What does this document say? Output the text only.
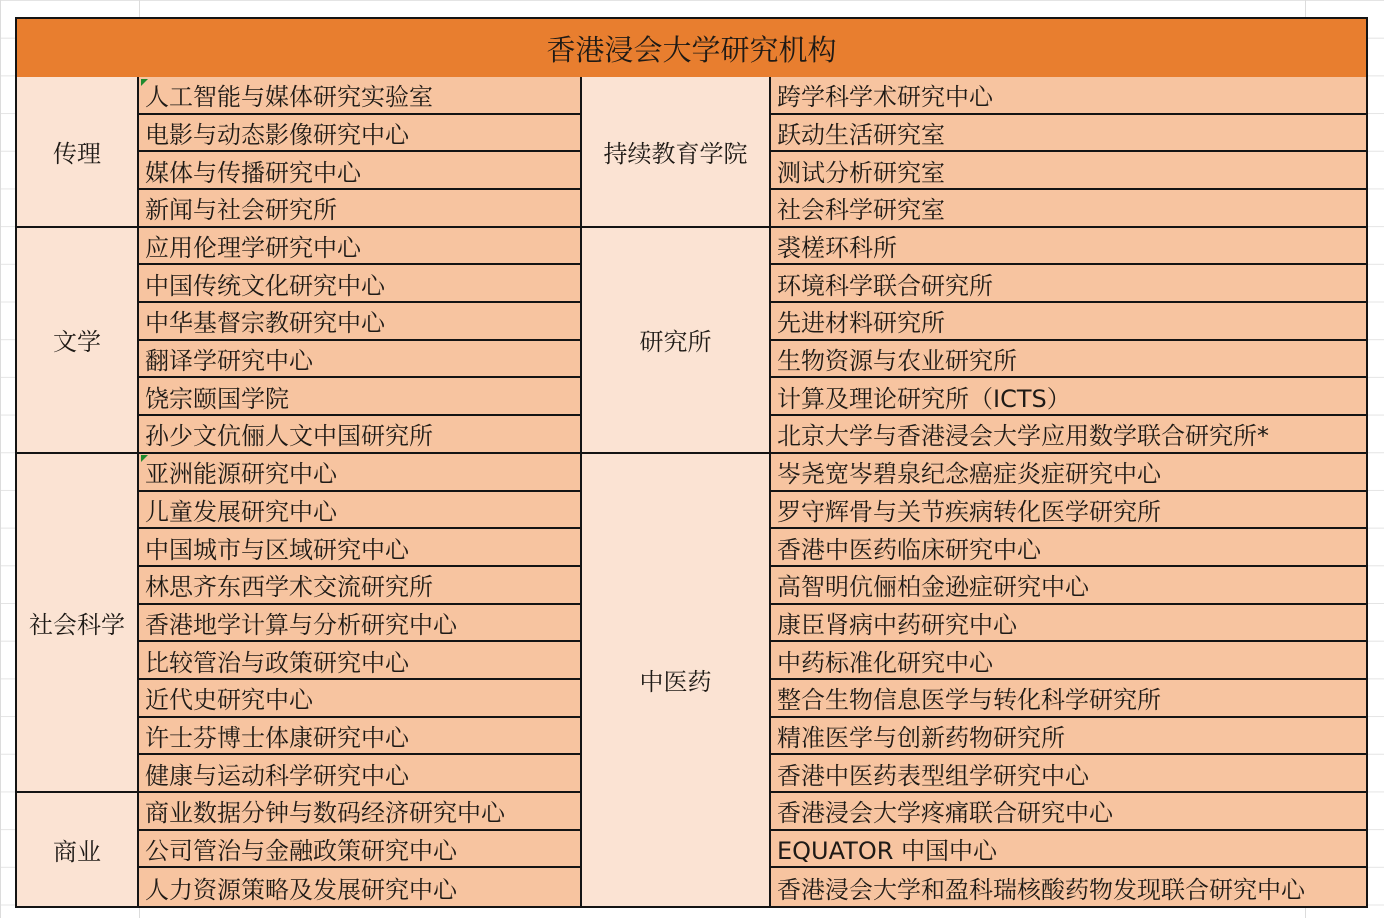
香港浸会大学研究机构
传理
人工智能与媒体研究实验室
电影与动态影像研究中心
媒体与传播研究中心
新闻与社会研究所
文学
应用伦理学研究中心
中国传统文化研究中心
中华基督宗教研究中心
翻译学研究中心
饶宗颐国学院
孙少文伉俪人文中国研究所
社会科学
亚洲能源研究中心
儿童发展研究中心
中国城市与区域研究中心
林思齐东西学术交流研究所
香港地学计算与分析研究中心
比较管治与政策研究中心
近代史研究中心
许士芬博士体康研究中心
健康与运动科学研究中心
商业
商业数据分钟与数码经济研究中心
公司管治与金融政策研究中心
人力资源策略及发展研究中心
持续教育学院
跨学科学术研究中心
跃动生活研究室
测试分析研究室
社会科学研究室
研究所
裘槎环科所
环境科学联合研究所
先进材料研究所
生物资源与农业研究所
计算及理论研究所（ICTS）
北京大学与香港浸会大学应用数学联合研究所*
中医药
岑尧宽岑碧泉纪念癌症炎症研究中心
罗守辉骨与关节疾病转化医学研究所
香港中医药临床研究中心
高智明伉俪柏金逊症研究中心
康臣肾病中药研究中心
中药标准化研究中心
整合生物信息医学与转化科学研究所
精准医学与创新药物研究所
香港中医药表型组学研究中心
香港浸会大学疼痛联合研究中心
EQUATOR 中国中心
香港浸会大学和盈科瑞核酸药物发现联合研究中心
